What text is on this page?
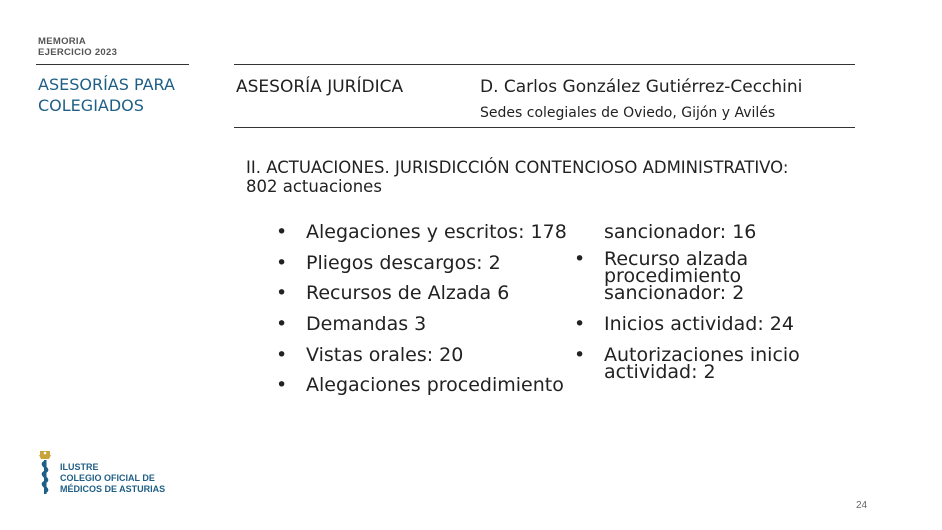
MEMORIA
EJERCICIO 2023
ASESORÍAS PARA
COLEGIADOS
ASESORÍA JURÍDICA	D. Carlos González Gutiérrez-Cecchini
Sedes colegiales de Oviedo, Gijón y Avilés
II. ACTUACIONES. JURISDICCIÓN CONTENCIOSO ADMINISTRATIVO:
802 actuaciones
• Alegaciones y escritos: 178
• Pliegos descargos: 2
• Recursos de Alzada 6
• Demandas 3
• Vistas orales: 20
• Alegaciones procedimiento
sancionador: 16
• Recurso alzada
procedimiento
sancionador: 2
• Inicios actividad: 24
• Autorizaciones inicio
actividad: 2
ILUSTRE
COLEGIO OFICIAL DE
MÉDICOS DE ASTURIAS
24
